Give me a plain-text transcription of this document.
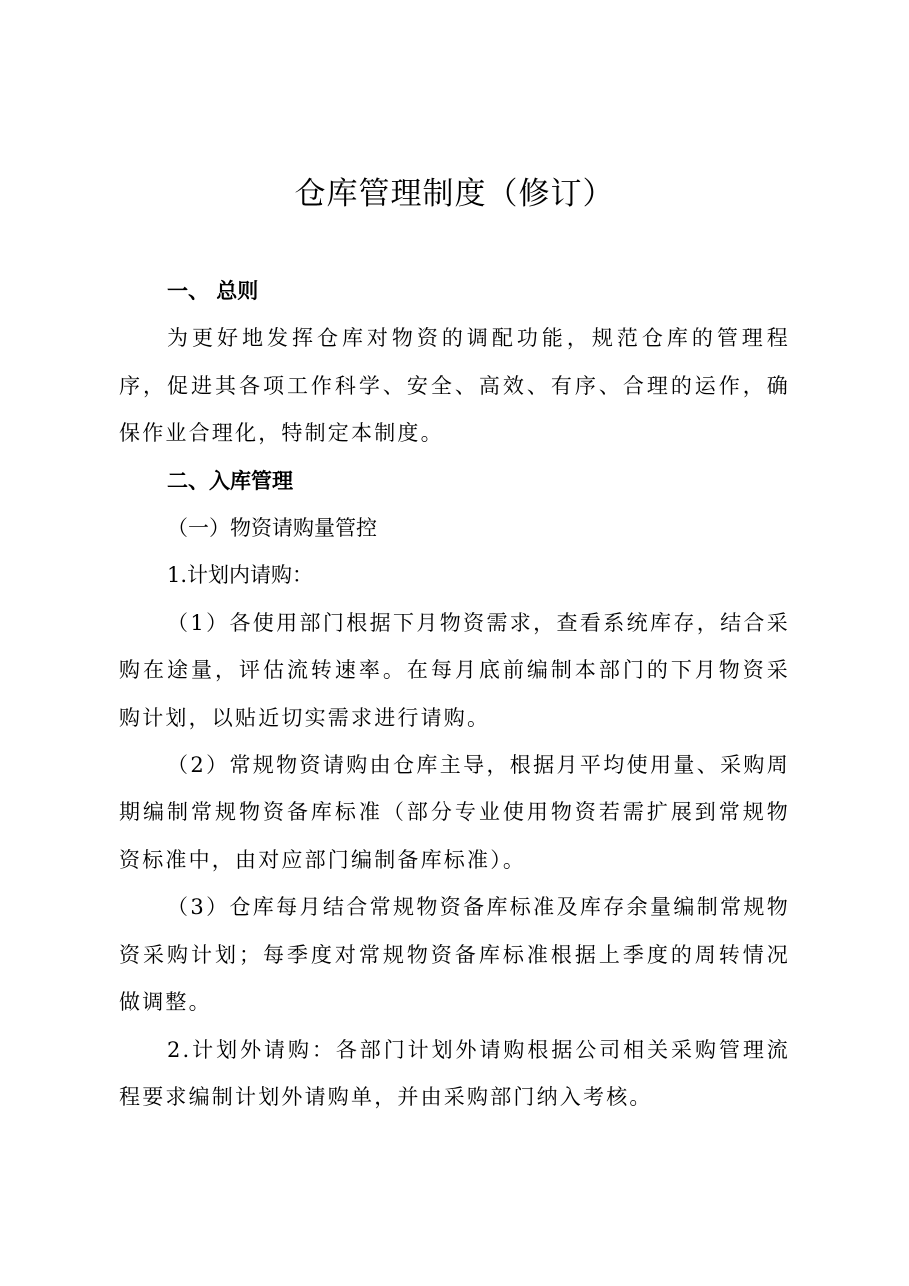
仓库管理制度（修订）

一、 总则

为更好地发挥仓库对物资的调配功能，规范仓库的管理程序，促进其各项工作科学、安全、高效、有序、合理的运作，确保作业合理化，特制定本制度。

二、入库管理

（一）物资请购量管控

1.计划内请购：

（1）各使用部门根据下月物资需求，查看系统库存，结合采购在途量，评估流转速率。在每月底前编制本部门的下月物资采购计划，以贴近切实需求进行请购。

（2）常规物资请购由仓库主导，根据月平均使用量、采购周期编制常规物资备库标准（部分专业使用物资若需扩展到常规物资标准中，由对应部门编制备库标准）。

（3）仓库每月结合常规物资备库标准及库存余量编制常规物资采购计划；每季度对常规物资备库标准根据上季度的周转情况做调整。

2.计划外请购：各部门计划外请购根据公司相关采购管理流程要求编制计划外请购单，并由采购部门纳入考核。
